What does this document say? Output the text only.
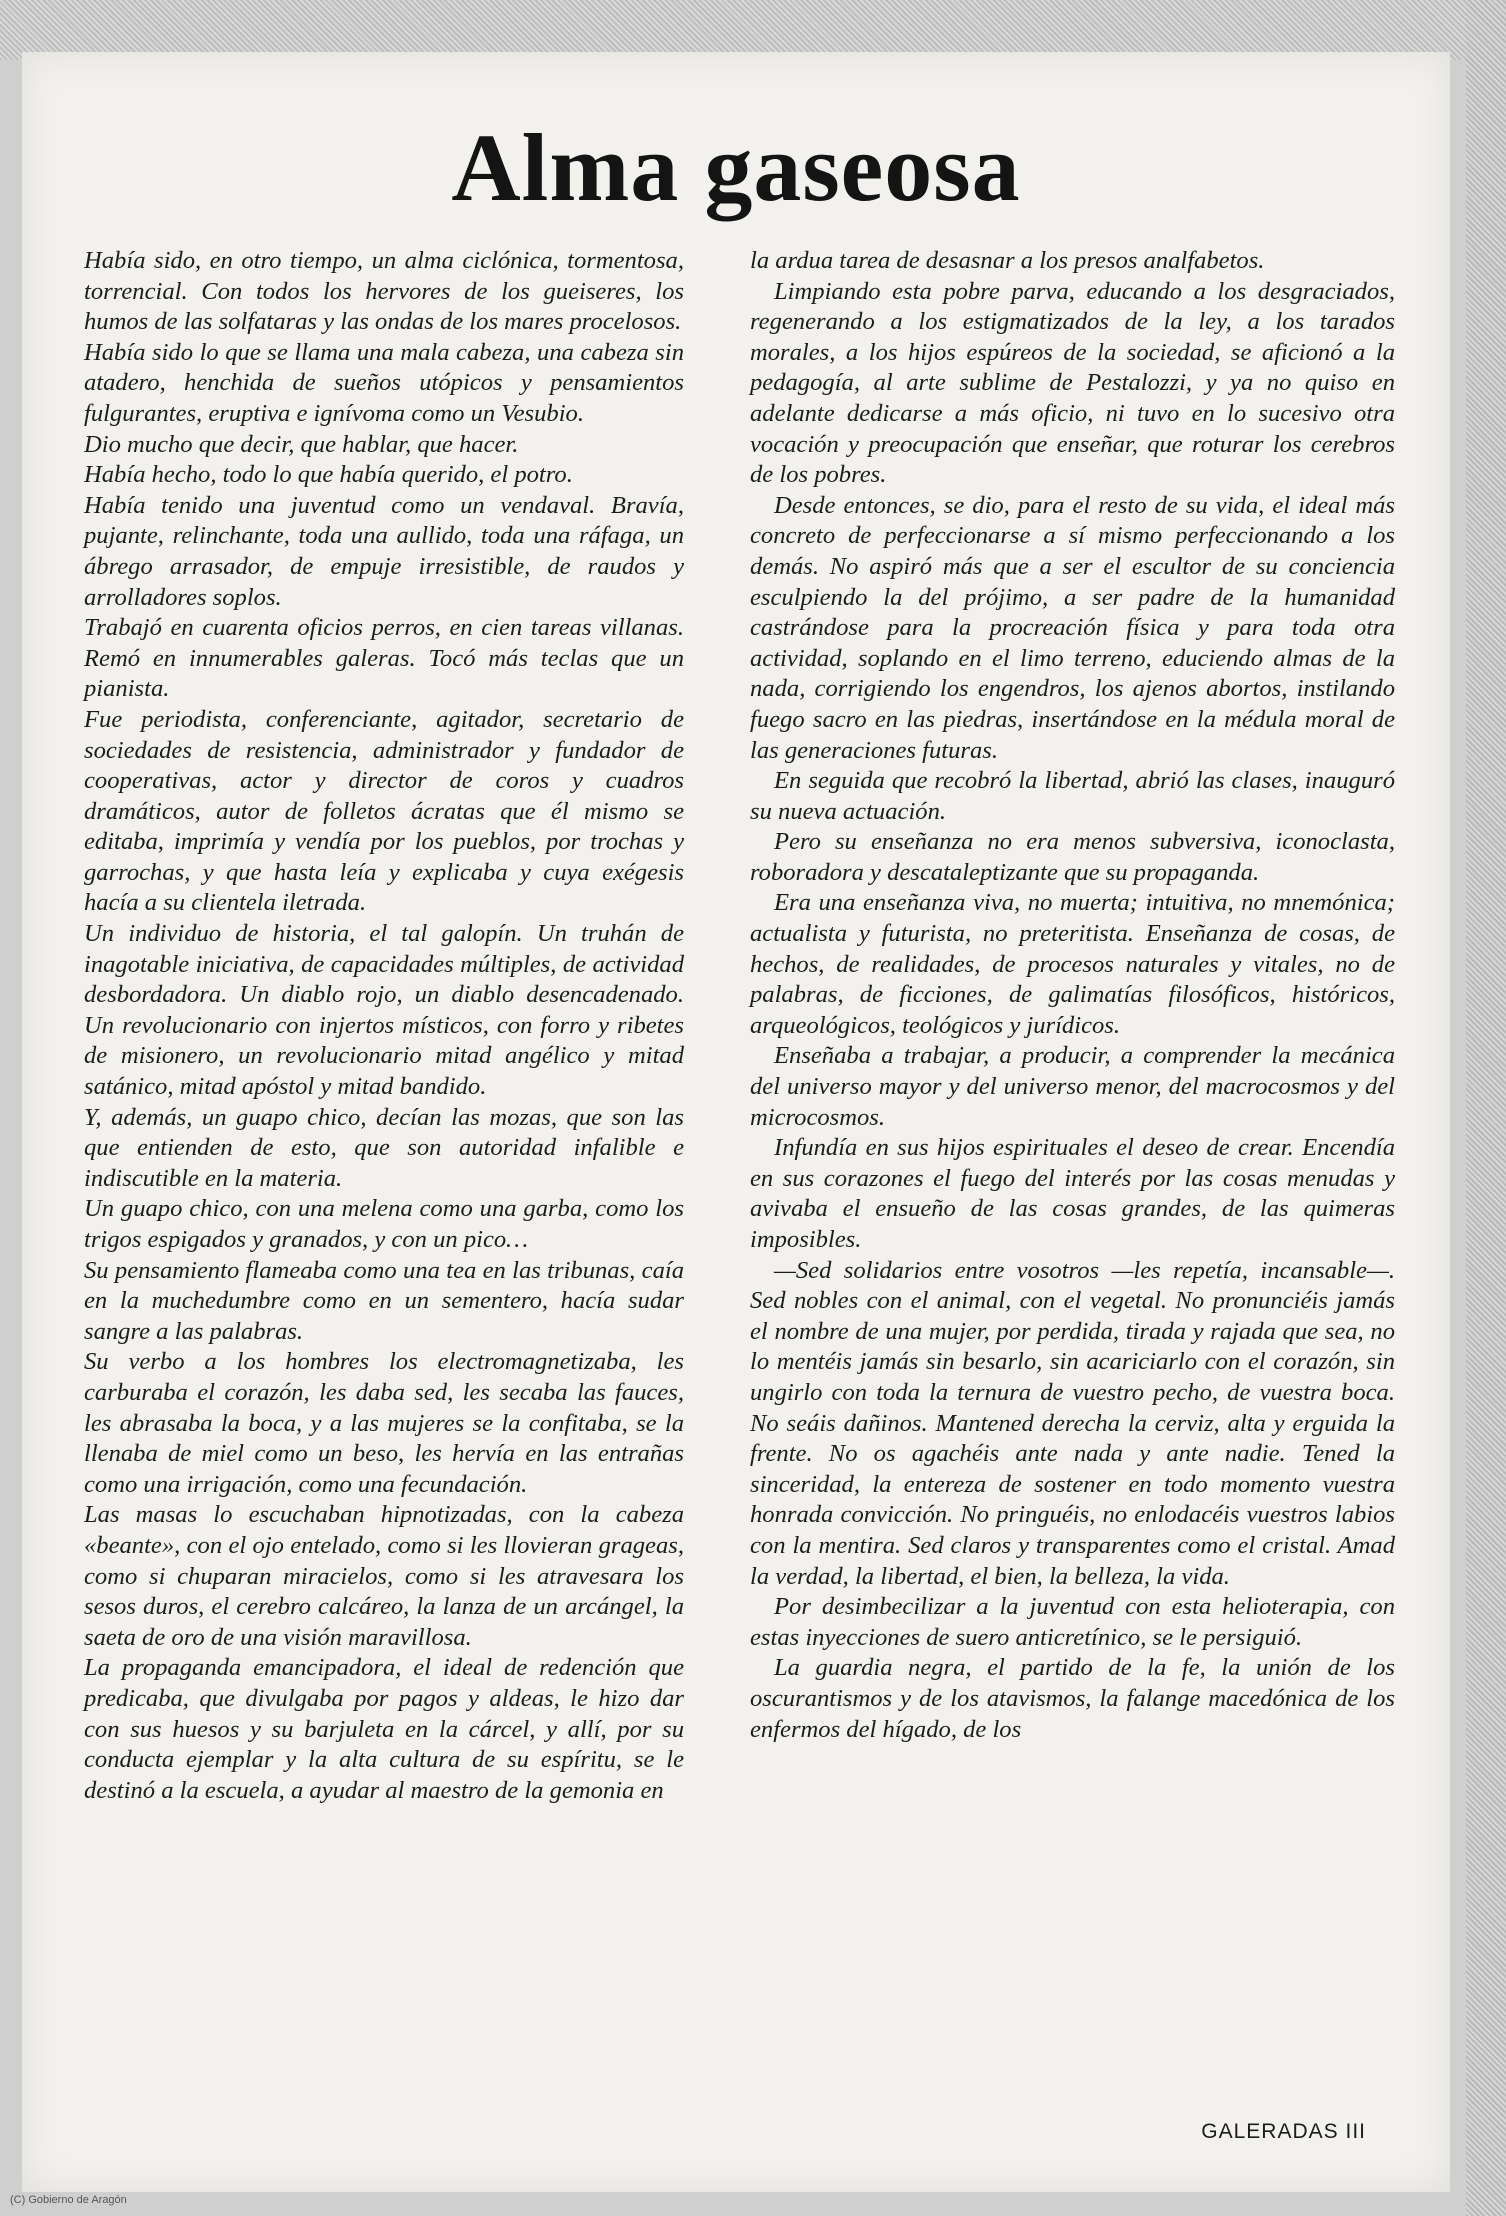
Alma gaseosa

Había sido, en otro tiempo, un alma ciclónica, tormentosa, torrencial. Con todos los hervores de los gueiseres, los humos de las solfataras y las ondas de los mares procelosos.

Había sido lo que se llama una mala cabeza, una cabeza sin atadero, henchida de sueños utópicos y pensamientos fulgurantes, eruptiva e ignívoma como un Vesubio.

Dio mucho que decir, que hablar, que hacer.

Había hecho, todo lo que había querido, el potro.

Había tenido una juventud como un vendaval. Bravía, pujante, relinchante, toda una aullido, toda una ráfaga, un ábrego arrasador, de empuje irresistible, de raudos y arrolladores soplos.

Trabajó en cuarenta oficios perros, en cien tareas villanas. Remó en innumerables galeras. Tocó más teclas que un pianista.

Fue periodista, conferenciante, agitador, secretario de sociedades de resistencia, administrador y fundador de cooperativas, actor y director de coros y cuadros dramáticos, autor de folletos ácratas que él mismo se editaba, imprimía y vendía por los pueblos, por trochas y garrochas, y que hasta leía y explicaba y cuya exégesis hacía a su clientela iletrada.

Un individuo de historia, el tal galopín. Un truhán de inagotable iniciativa, de capacidades múltiples, de actividad desbordadora. Un diablo rojo, un diablo desencadenado. Un revolucionario con injertos místicos, con forro y ribetes de misionero, un revolucionario mitad angélico y mitad satánico, mitad apóstol y mitad bandido.

Y, además, un guapo chico, decían las mozas, que son las que entienden de esto, que son autoridad infalible e indiscutible en la materia.

Un guapo chico, con una melena como una garba, como los trigos espigados y granados, y con un pico…

Su pensamiento flameaba como una tea en las tribunas, caía en la muchedumbre como en un sementero, hacía sudar sangre a las palabras.

Su verbo a los hombres los electromagnetizaba, les carburaba el corazón, les daba sed, les secaba las fauces, les abrasaba la boca, y a las mujeres se la confitaba, se la llenaba de miel como un beso, les hervía en las entrañas como una irrigación, como una fecundación.

Las masas lo escuchaban hipnotizadas, con la cabeza «beante», con el ojo entelado, como si les llovieran grageas, como si chuparan miracielos, como si les atravesara los sesos duros, el cerebro calcáreo, la lanza de un arcángel, la saeta de oro de una visión maravillosa.

La propaganda emancipadora, el ideal de redención que predicaba, que divulgaba por pagos y aldeas, le hizo dar con sus huesos y su barjuleta en la cárcel, y allí, por su conducta ejemplar y la alta cultura de su espíritu, se le destinó a la escuela, a ayudar al maestro de la gemonia en

la ardua tarea de desasnar a los presos analfabetos.

Limpiando esta pobre parva, educando a los desgraciados, regenerando a los estigmatizados de la ley, a los tarados morales, a los hijos espúreos de la sociedad, se aficionó a la pedagogía, al arte sublime de Pestalozzi, y ya no quiso en adelante dedicarse a más oficio, ni tuvo en lo sucesivo otra vocación y preocupación que enseñar, que roturar los cerebros de los pobres.

Desde entonces, se dio, para el resto de su vida, el ideal más concreto de perfeccionarse a sí mismo perfeccionando a los demás. No aspiró más que a ser el escultor de su conciencia esculpiendo la del prójimo, a ser padre de la humanidad castrándose para la procreación física y para toda otra actividad, soplando en el limo terreno, educiendo almas de la nada, corrigiendo los engendros, los ajenos abortos, instilando fuego sacro en las piedras, insertándose en la médula moral de las generaciones futuras.

En seguida que recobró la libertad, abrió las clases, inauguró su nueva actuación.

Pero su enseñanza no era menos subversiva, iconoclasta, roboradora y descataleptizante que su propaganda.

Era una enseñanza viva, no muerta; intuitiva, no mnemónica; actualista y futurista, no preteritista. Enseñanza de cosas, de hechos, de realidades, de procesos naturales y vitales, no de palabras, de ficciones, de galimatías filosóficos, históricos, arqueológicos, teológicos y jurídicos.

Enseñaba a trabajar, a producir, a comprender la mecánica del universo mayor y del universo menor, del macrocosmos y del microcosmos.

Infundía en sus hijos espirituales el deseo de crear. Encendía en sus corazones el fuego del interés por las cosas menudas y avivaba el ensueño de las cosas grandes, de las quimeras imposibles.

—Sed solidarios entre vosotros —les repetía, incansable—. Sed nobles con el animal, con el vegetal. No pronunciéis jamás el nombre de una mujer, por perdida, tirada y rajada que sea, no lo mentéis jamás sin besarlo, sin acariciarlo con el corazón, sin ungirlo con toda la ternura de vuestro pecho, de vuestra boca. No seáis dañinos. Mantened derecha la cerviz, alta y erguida la frente. No os agachéis ante nada y ante nadie. Tened la sinceridad, la entereza de sostener en todo momento vuestra honrada convicción. No pringuéis, no enlodacéis vuestros labios con la mentira. Sed claros y transparentes como el cristal. Amad la verdad, la libertad, el bien, la belleza, la vida.

Por desimbecilizar a la juventud con esta helioterapia, con estas inyecciones de suero anticretínico, se le persiguió.

La guardia negra, el partido de la fe, la unión de los oscurantismos y de los atavismos, la falange macedónica de los enfermos del hígado, de los

GALERADAS III
(C) Gobierno de Aragón
